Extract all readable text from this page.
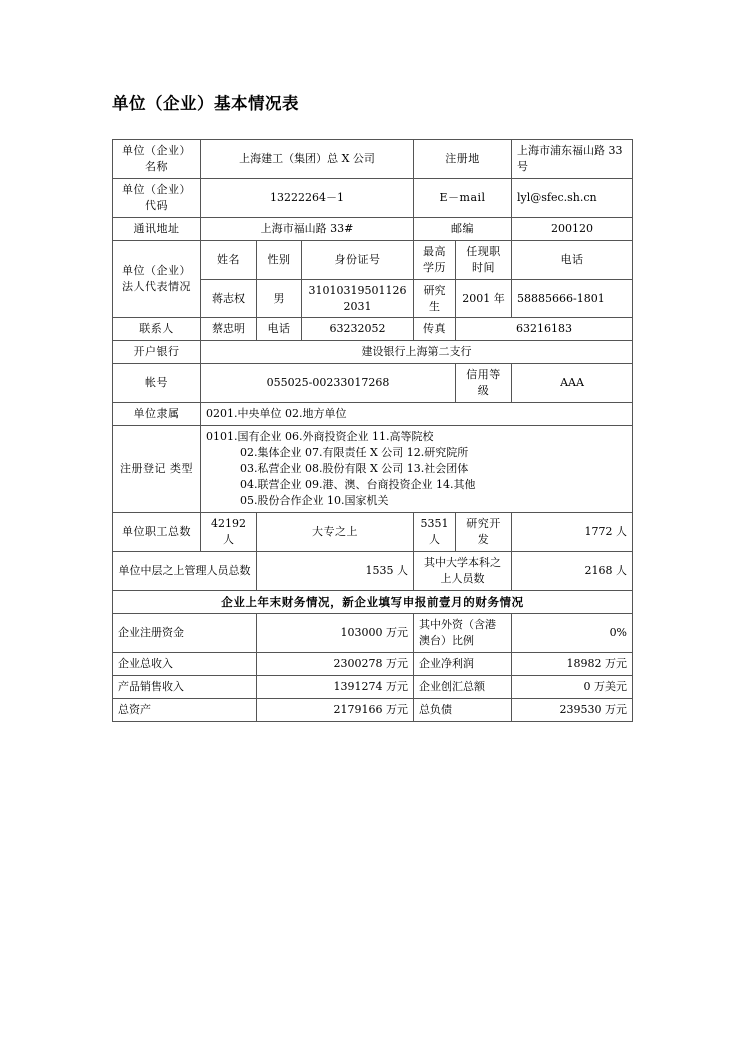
单位（企业）基本情况表
单位（企业）名称	上海建工（集团）总 X 公司			注册地		上海市浦东福山路 33 号
单位（企业）代码	13222264－1			E－mail		lyl@sfec.sh.cn
通讯地址	上海市福山路 33#			邮编		200120
单位（企业） 法人代表情况	姓名	性别	身份证号	最高 学历	任现职 时间	电话
	蒋志权	男	310103195011262031	研究生	2001 年	58885666-1801
联系人	蔡忠明	电话	63232052	传真	63216183	
开户银行	建设银行上海第二支行					
帐号	055025-00233017268				信用等级	AAA
单位隶属	0201.中央单位 02.地方单位					
注册登记 类型	0101.国有企业 06.外商投资企业 11.高等院校
02.集体企业 07.有限责任 X 公司 12.研究院所
03.私营企业 08.股份有限 X 公司 13.社会团体
04.联营企业 09.港、澳、台商投资企业 14.其他
05.股份合作企业 10.国家机关					

单位职工总数	42192 人	大专之上		5351 人	研究开发	1772 人
单位中层之上管理人员总数		1535 人		其中大学本科之上人员数		2168 人
企业上年末财务情况，新企业填写申报前壹月的财务情况						
企业注册资金		103000 万元		其中外资（含港澳台）比例		0%
企业总收入		2300278 万元		企业净利润		18982 万元
产品销售收入		1391274 万元		企业创汇总额		0 万美元
总资产		2179166 万元		总负债		239530 万元
